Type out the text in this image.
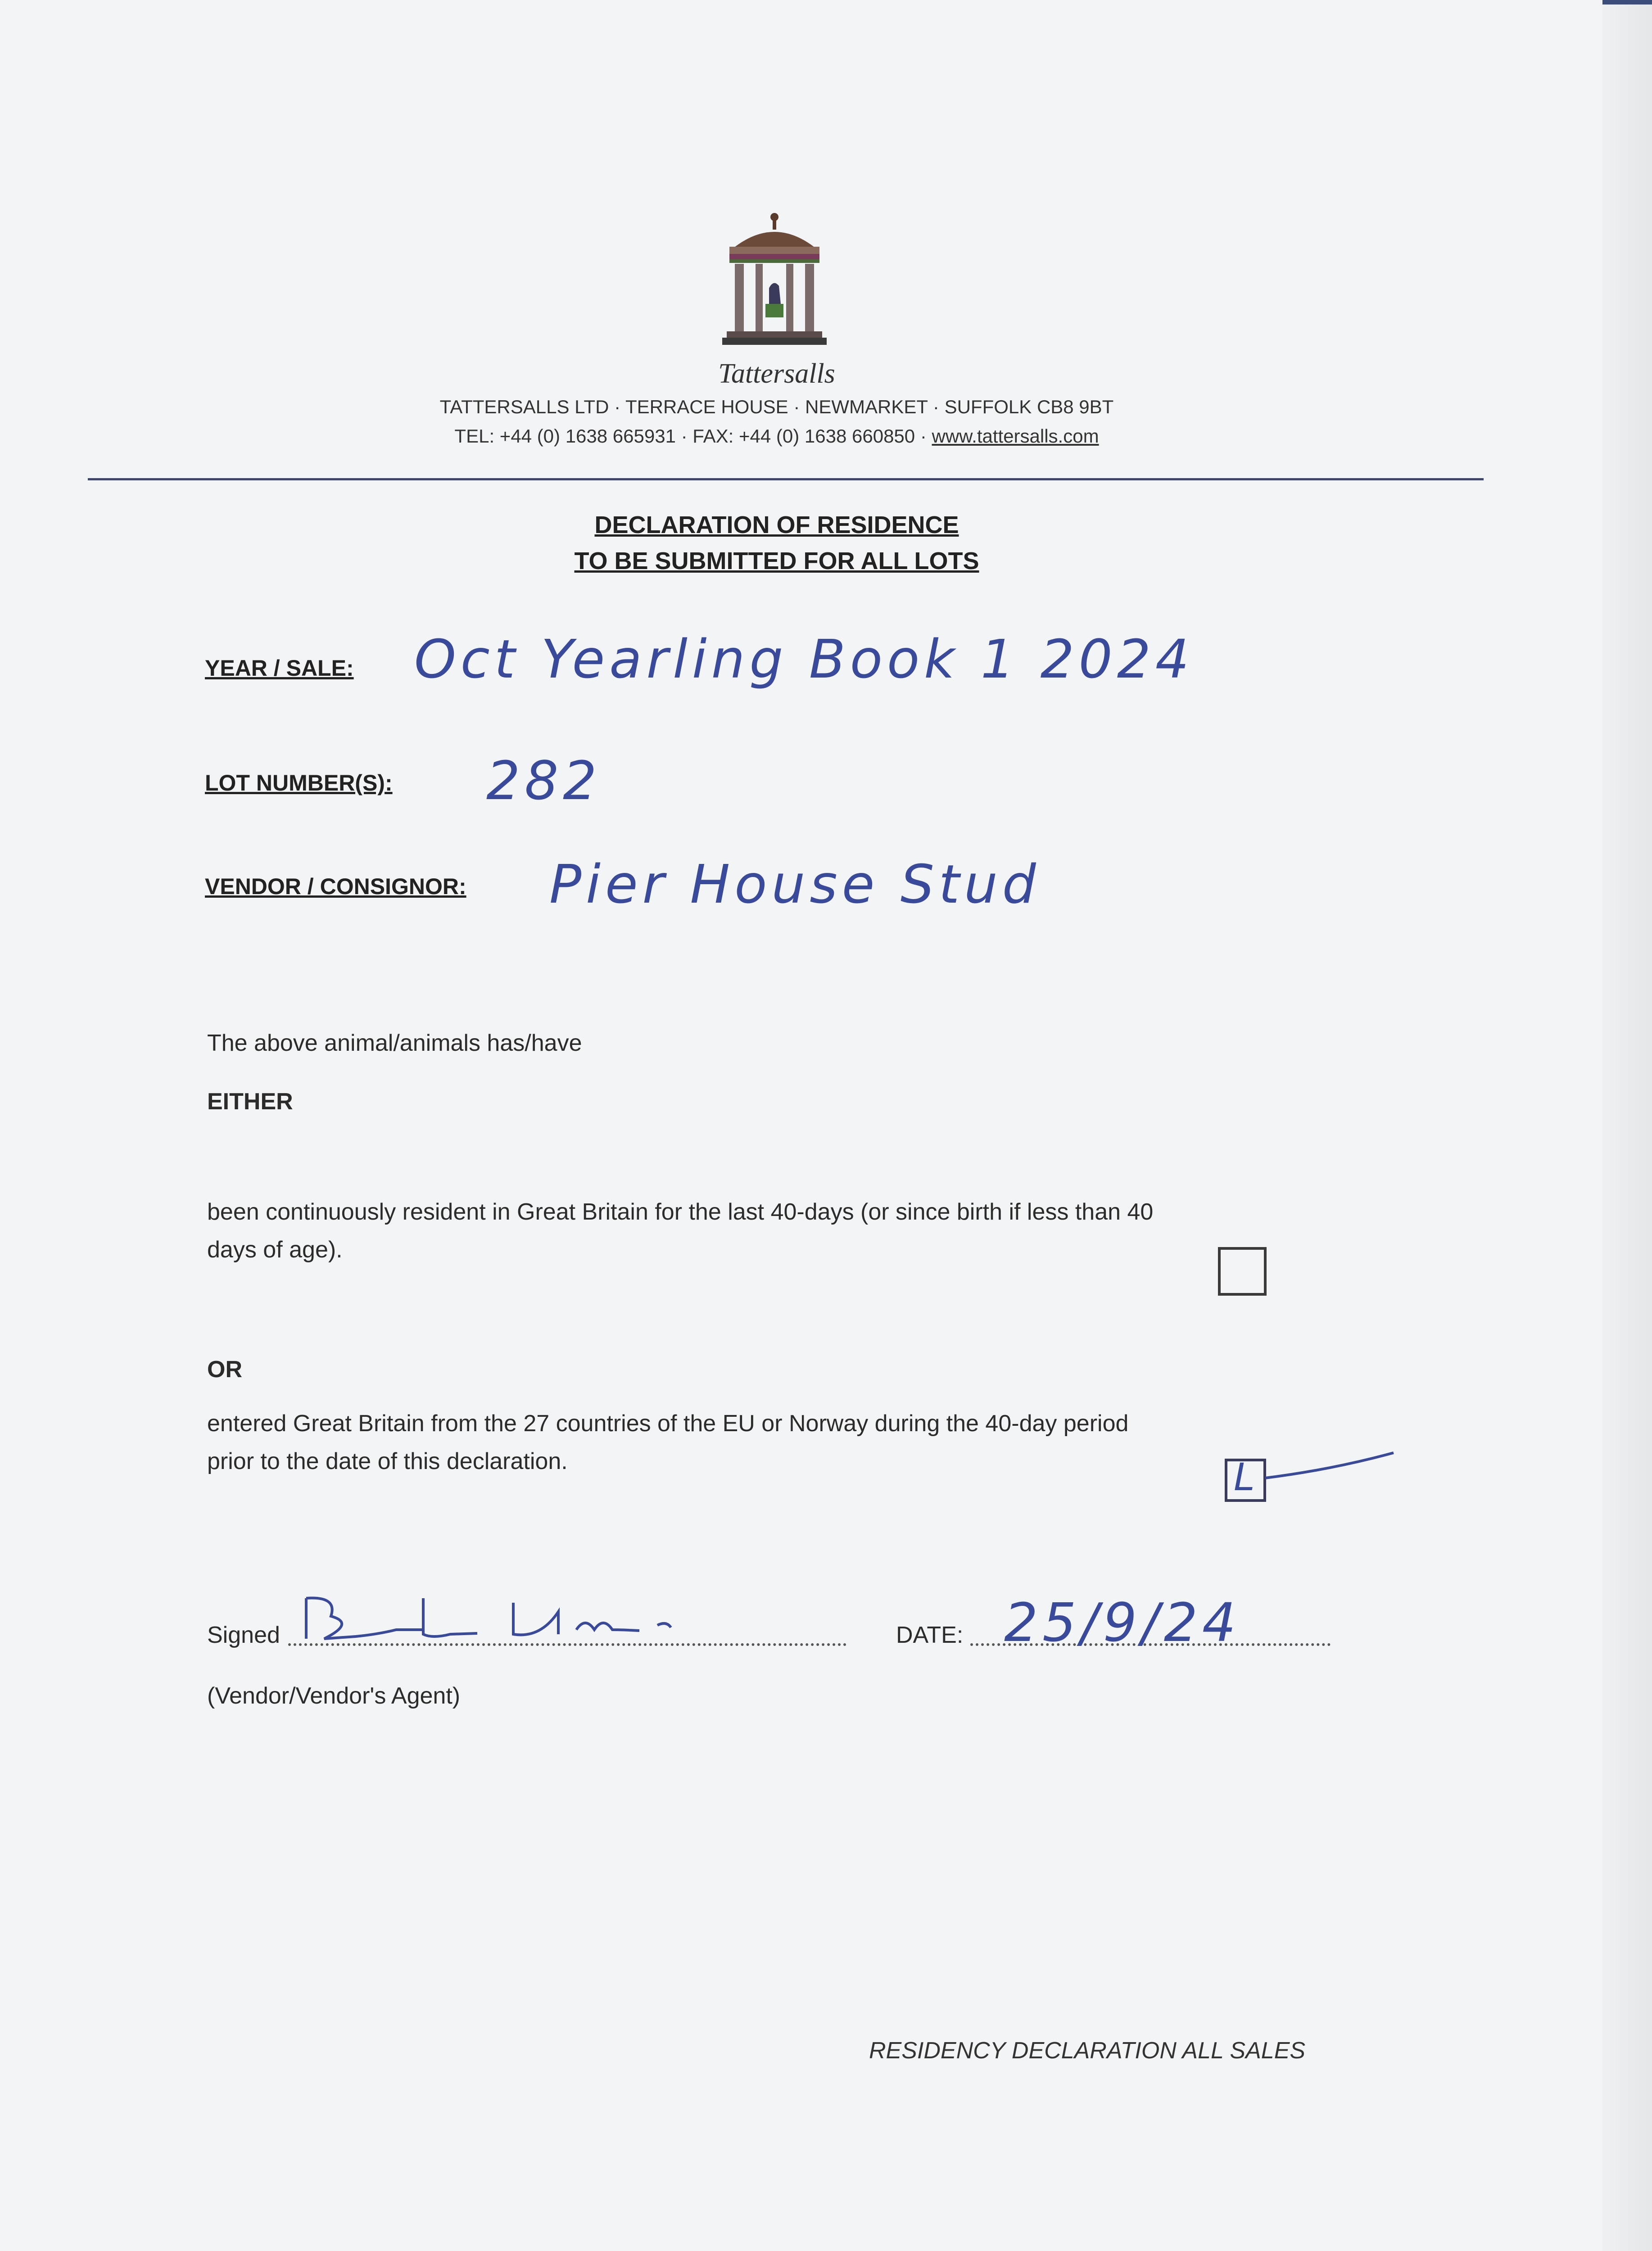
Tattersalls
TATTERSALLS LTD · TERRACE HOUSE · NEWMARKET · SUFFOLK CB8 9BT
TEL: +44 (0) 1638 665931 · FAX: +44 (0) 1638 660850 · www.tattersalls.com
DECLARATION OF RESIDENCE
TO BE SUBMITTED FOR ALL LOTS
YEAR / SALE: Oct Yearling Book 1 2024
LOT NUMBER(S): 282
VENDOR / CONSIGNOR: Pier House Stud
The above animal/animals has/have
EITHER
been continuously resident in Great Britain for the last 40-days (or since birth if less than 40
days of age).
OR
entered Great Britain from the 27 countries of the EU or Norway during the 40-day period
prior to the date of this declaration.	L
Signed	DATE: 25/9/24
(Vendor/Vendor's Agent)
RESIDENCY DECLARATION ALL SALES
